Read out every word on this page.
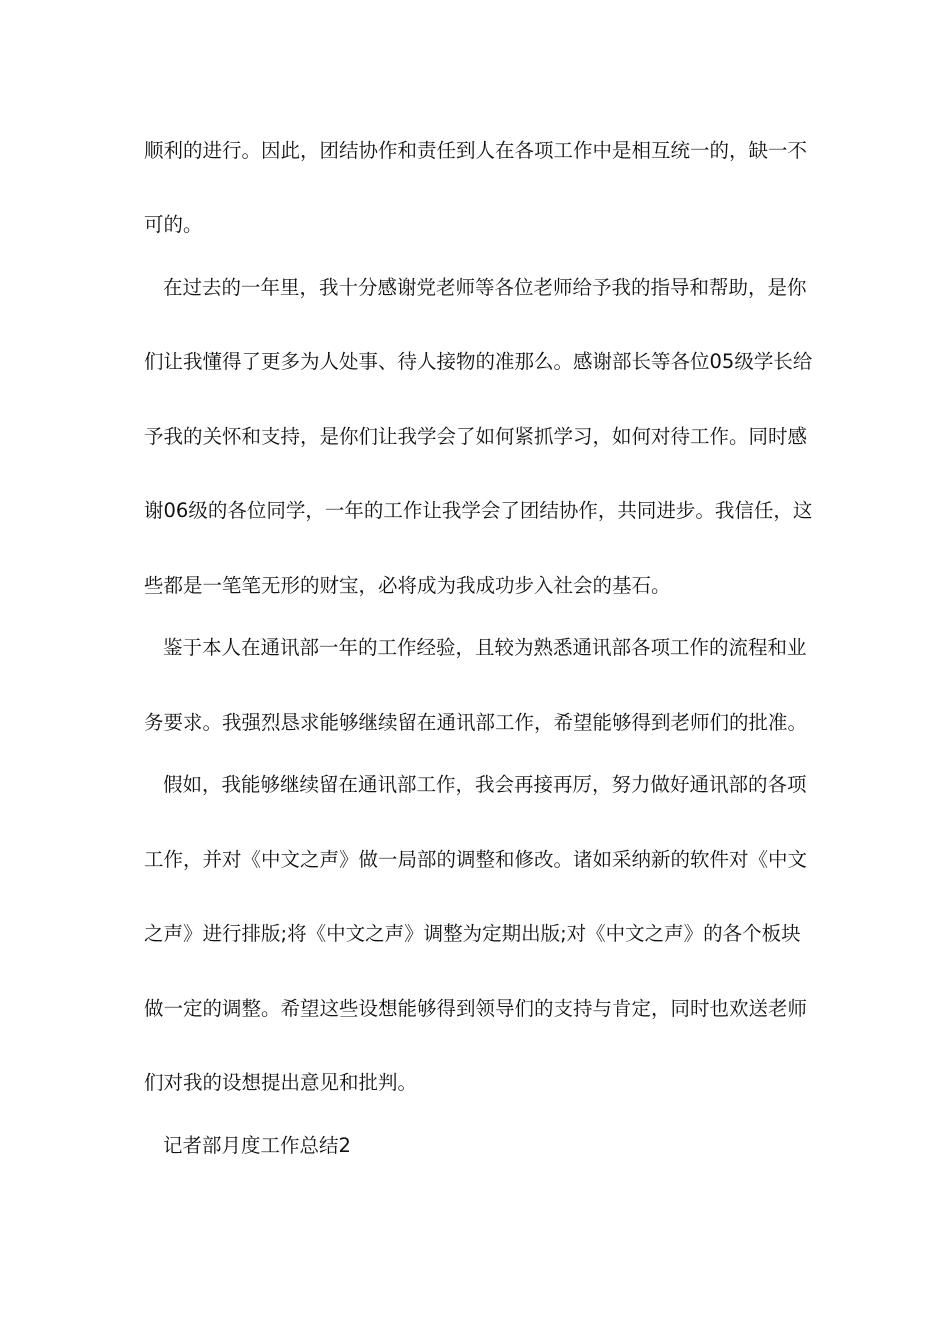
顺利的进行。因此，团结协作和责任到人在各项工作中是相互统一的，缺一不
可的。
在过去的一年里，我十分感谢党老师等各位老师给予我的指导和帮助，是你
们让我懂得了更多为人处事、待人接物的准那么。感谢部长等各位05级学长给
予我的关怀和支持，是你们让我学会了如何紧抓学习，如何对待工作。同时感
谢06级的各位同学，一年的工作让我学会了团结协作，共同进步。我信任，这
些都是一笔笔无形的财宝，必将成为我成功步入社会的基石。
鉴于本人在通讯部一年的工作经验，且较为熟悉通讯部各项工作的流程和业
务要求。我强烈恳求能够继续留在通讯部工作，希望能够得到老师们的批准。
假如，我能够继续留在通讯部工作，我会再接再厉，努力做好通讯部的各项
工作，并对《中文之声》做一局部的调整和修改。诸如采纳新的软件对《中文
之声》进行排版;将《中文之声》调整为定期出版;对《中文之声》的各个板块
做一定的调整。希望这些设想能够得到领导们的支持与肯定，同时也欢送老师
们对我的设想提出意见和批判。
记者部月度工作总结2
